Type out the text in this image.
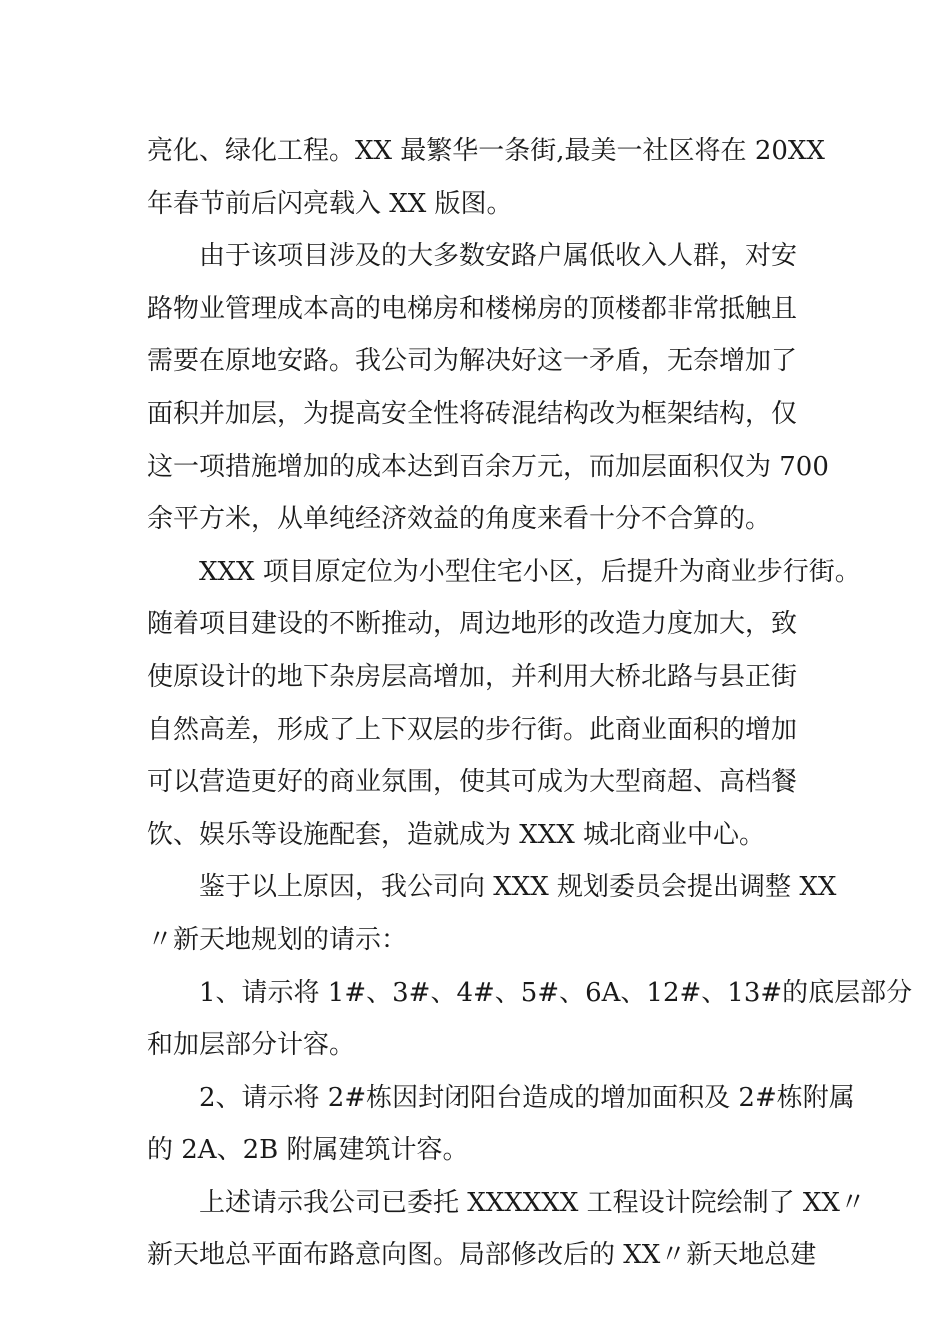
亮化、绿化工程。XX 最繁华一条街,最美一社区将在 20XX
年春节前后闪亮载入 XX 版图。
由于该项目涉及的大多数安路户属低收入人群，对安
路物业管理成本高的电梯房和楼梯房的顶楼都非常抵触且
需要在原地安路。我公司为解决好这一矛盾，无奈增加了
面积并加层，为提高安全性将砖混结构改为框架结构，仅
这一项措施增加的成本达到百余万元，而加层面积仅为 700
余平方米，从单纯经济效益的角度来看十分不合算的。
XXX 项目原定位为小型住宅小区，后提升为商业步行街。
随着项目建设的不断推动，周边地形的改造力度加大，致
使原设计的地下杂房层高增加，并利用大桥北路与县正街
自然高差，形成了上下双层的步行街。此商业面积的增加
可以营造更好的商业氛围，使其可成为大型商超、高档餐
饮、娱乐等设施配套，造就成为 XXX 城北商业中心。
鉴于以上原因，我公司向 XXX 规划委员会提出调整 XX
〃新天地规划的请示：
1、请示将 1#、3#、4#、5#、6A、12#、13#的底层部分
和加层部分计容。
2、请示将 2#栋因封闭阳台造成的增加面积及 2#栋附属
的 2A、2B 附属建筑计容。
上述请示我公司已委托 XXXXXX 工程设计院绘制了 XX〃
新天地总平面布路意向图。局部修改后的 XX〃新天地总建
